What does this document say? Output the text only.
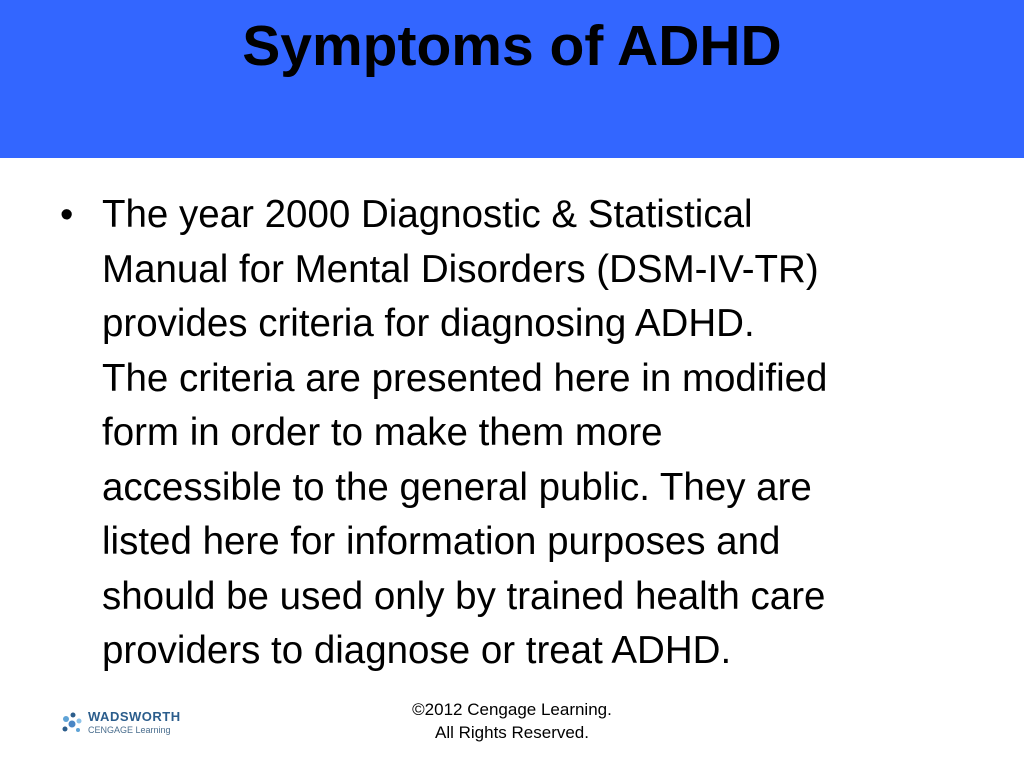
Symptoms of ADHD
• The year 2000 Diagnostic & Statistical
Manual for Mental Disorders (DSM-IV-TR)
provides criteria for diagnosing ADHD.
The criteria are presented here in modified
form in order to make them more
accessible to the general public. They are
listed here for information purposes and
should be used only by trained health care
providers to diagnose or treat ADHD.
WADSWORTH
CENGAGE Learning
©2012 Cengage Learning.
All Rights Reserved.
